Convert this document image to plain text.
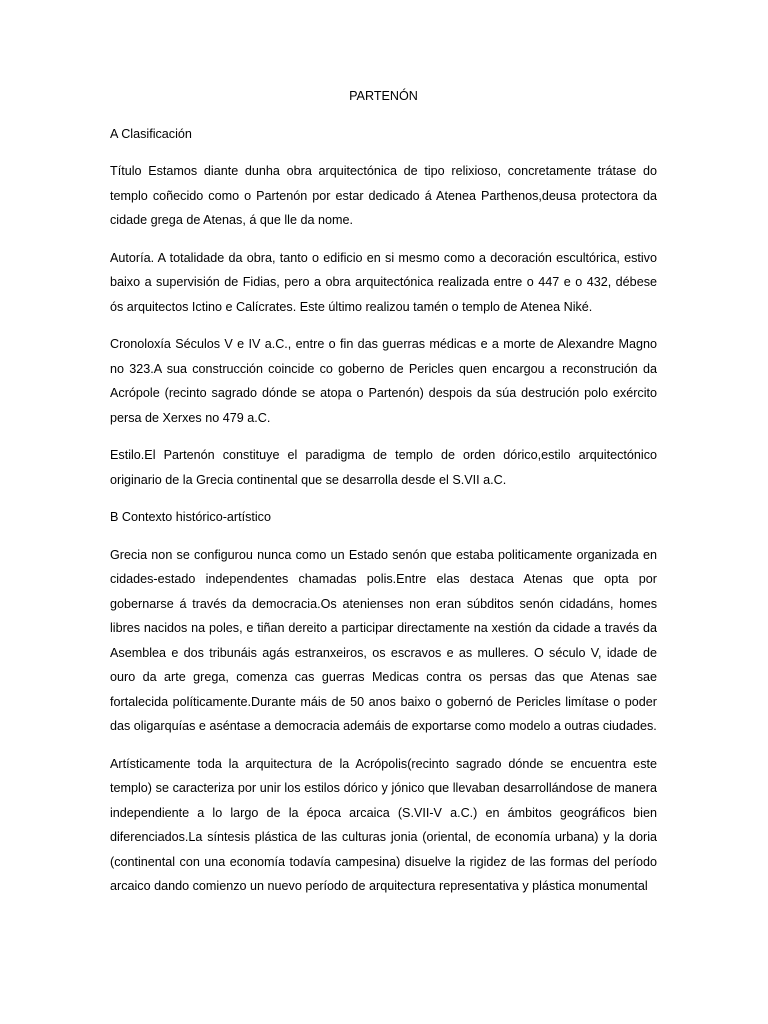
PARTENÓN
A Clasificación
Título Estamos diante dunha obra arquitectónica de tipo relixioso, concretamente trátase do templo coñecido como o Partenón por estar dedicado á Atenea Parthenos,deusa protectora da cidade grega de Atenas, á que lle da nome.
Autoría. A totalidade da obra, tanto o edificio en si mesmo como a decoración escultórica, estivo baixo a supervisión de Fidias, pero a obra arquitectónica realizada entre o 447 e o 432, débese ós arquitectos Ictino e Calícrates. Este último realizou tamén o templo de Atenea Niké.
Cronoloxía Séculos V e IV a.C., entre o fin das guerras médicas e a morte de Alexandre Magno no 323.A sua construcción coincide co goberno de Pericles quen encargou a reconstrución da Acrópole (recinto sagrado dónde se atopa o Partenón) despois da súa destrución polo exército persa de Xerxes no 479 a.C.
Estilo.El Partenón constituye el paradigma de templo de orden dórico,estilo arquitectónico originario de la Grecia continental que se desarrolla desde el S.VII a.C.
B Contexto histórico-artístico
Grecia non se configurou nunca como un Estado senón que estaba politicamente organizada en cidades-estado independentes chamadas polis.Entre elas destaca Atenas que opta por gobernarse á través da democracia.Os atenienses non eran súbditos senón cidadáns, homes libres nacidos na poles, e tiñan dereito a participar directamente na xestión da cidade a través da Asemblea e dos tribunáis agás estranxeiros, os escravos e as mulleres. O século V, idade de ouro da arte grega, comenza cas guerras Medicas contra os persas das que Atenas sae fortalecida políticamente.Durante máis de 50 anos baixo o gobernó de Pericles limítase o poder das oligarquías e aséntase a democracia ademáis de exportarse como modelo a outras ciudades.
Artísticamente toda la arquitectura de la Acrópolis(recinto sagrado dónde se encuentra este templo) se caracteriza por unir los estilos dórico y jónico que llevaban desarrollándose de manera independiente a lo largo de la época arcaica (S.VII-V a.C.) en ámbitos geográficos bien diferenciados.La síntesis plástica de las culturas jonia (oriental, de economía urbana) y la doria (continental con una economía todavía campesina) disuelve la rigidez de las formas del período arcaico dando comienzo un nuevo período de arquitectura representativa y plástica monumental
